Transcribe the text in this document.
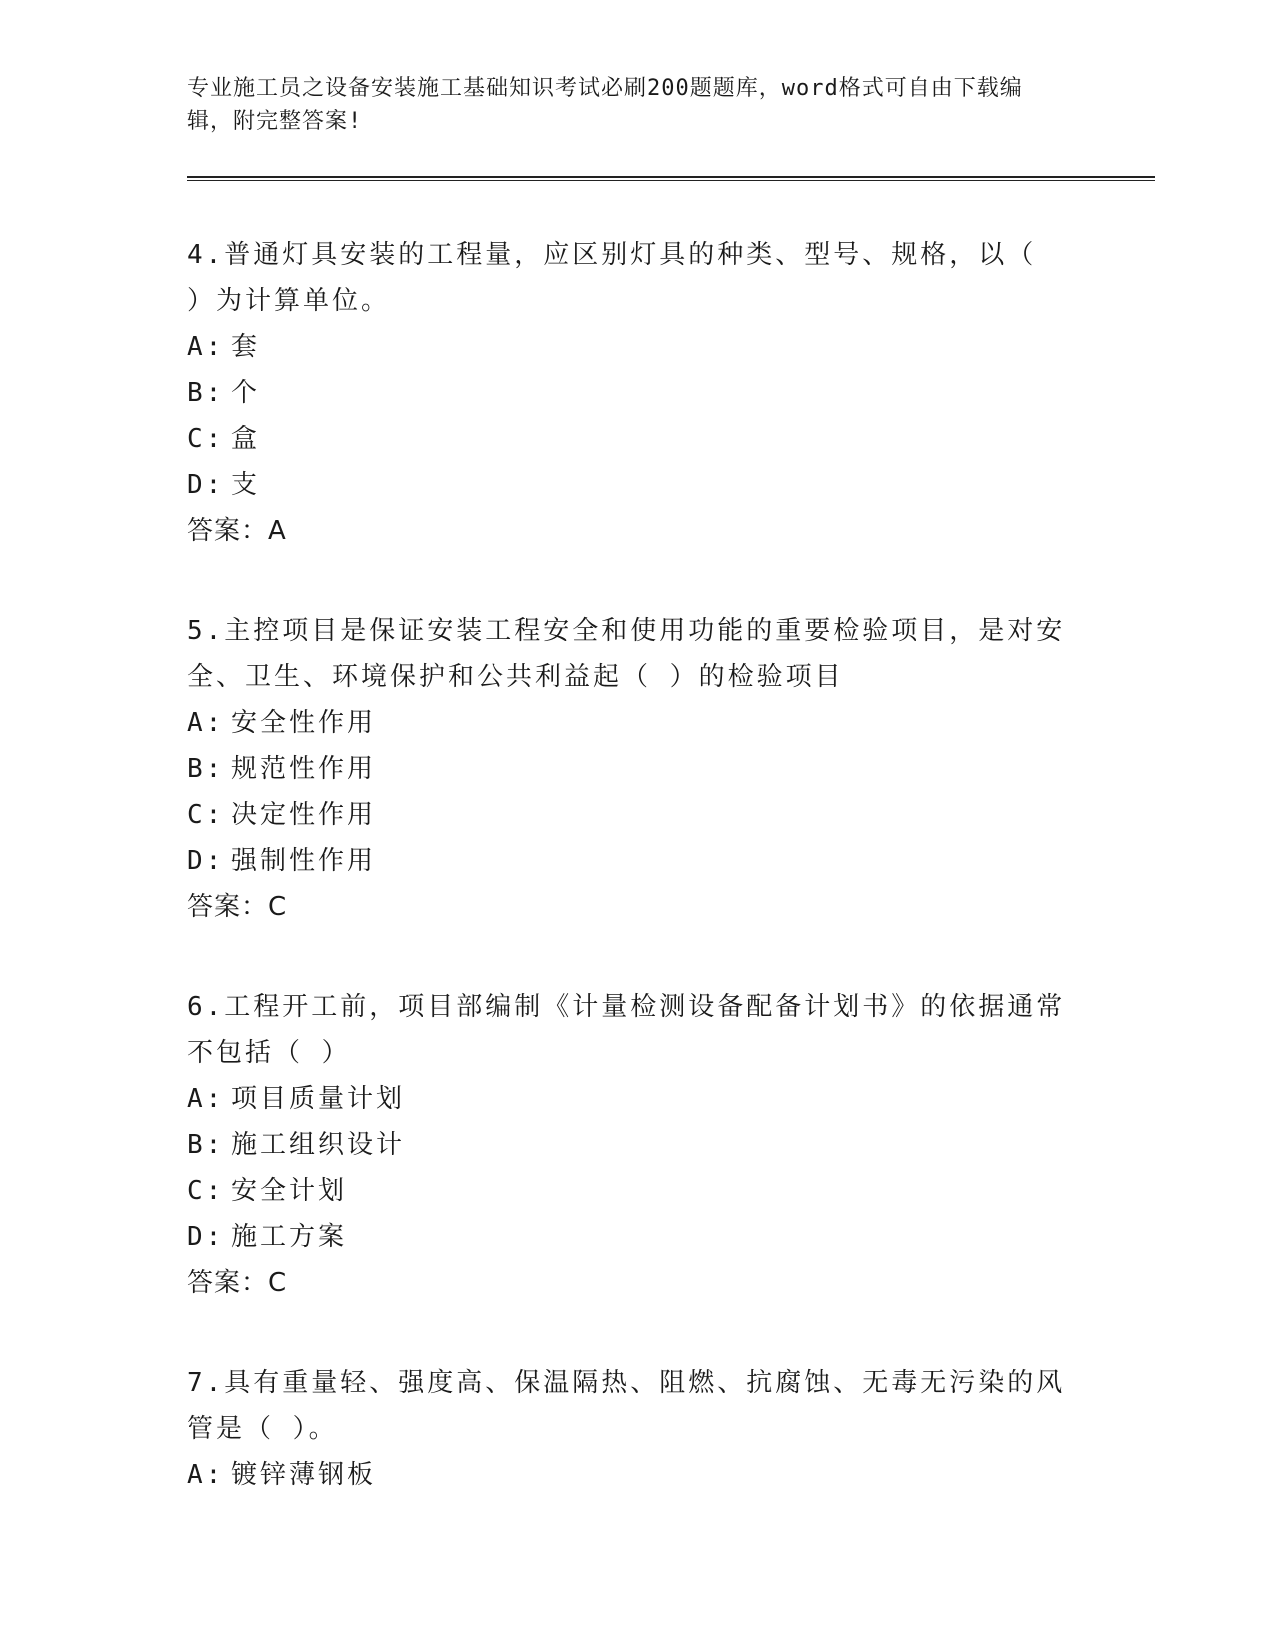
专业施工员之设备安装施工基础知识考试必刷200题题库，word格式可自由下载编辑，附完整答案!
4.普通灯具安装的工程量，应区别灯具的种类、型号、规格，以（ ）为计算单位。
A: 套
B: 个
C: 盒
D: 支
答案：A
5.主控项目是保证安装工程安全和使用功能的重要检验项目，是对安全、卫生、环境保护和公共利益起（ ）的检验项目
A: 安全性作用
B: 规范性作用
C: 决定性作用
D: 强制性作用
答案：C
6.工程开工前，项目部编制《计量检测设备配备计划书》的依据通常不包括（ ）
A: 项目质量计划
B: 施工组织设计
C: 安全计划
D: 施工方案
答案：C
7.具有重量轻、强度高、保温隔热、阻燃、抗腐蚀、无毒无污染的风管是（ ）。
A: 镀锌薄钢板
